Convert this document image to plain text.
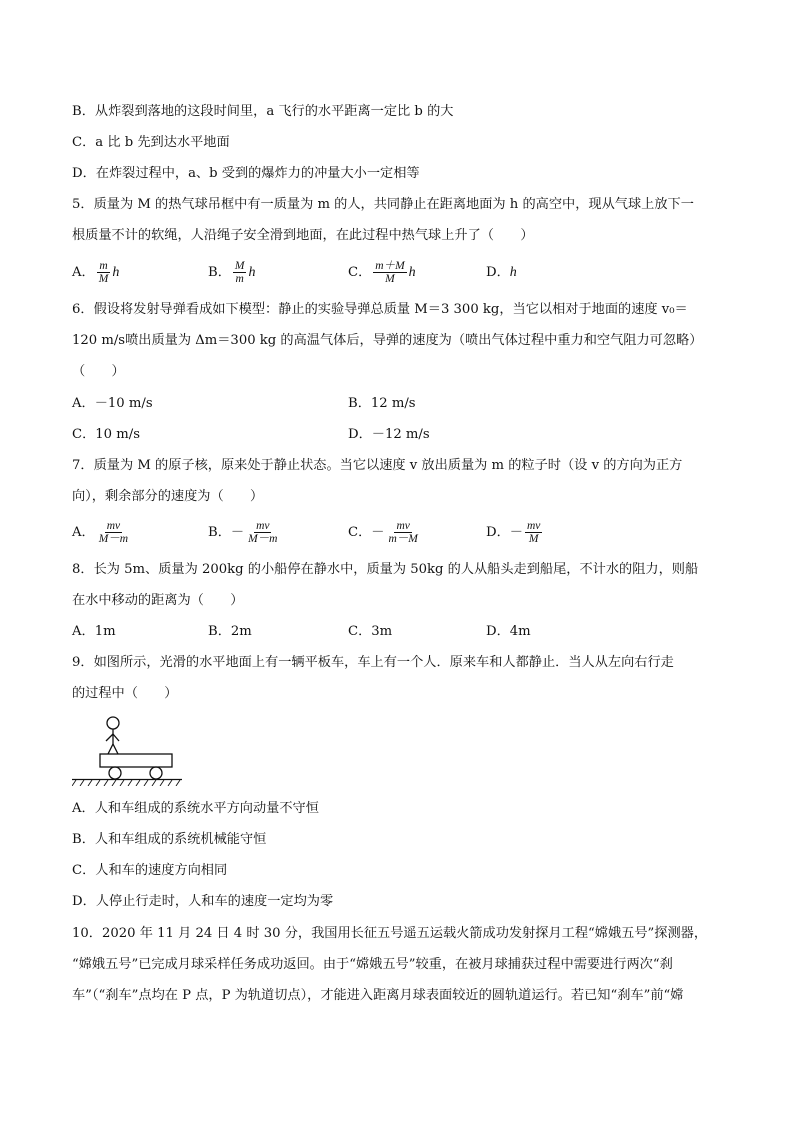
B．从炸裂到落地的这段时间里，a 飞行的水平距离一定比 b 的大
C．a 比 b 先到达水平地面
D．在炸裂过程中，a、b 受到的爆炸力的冲量大小一定相等
5．质量为 M 的热气球吊框中有一质量为 m 的人，共同静止在距离地面为 h 的高空中，现从气球上放下一
根质量不计的软绳，人沿绳子安全滑到地面，在此过程中热气球上升了（　　）
A． $\frac{m}{M}$ h	B． $\frac{M}{m}$ h	C． $\frac{m+M}{M}$ h	D．h
6．假设将发射导弹看成如下模型：静止的实验导弹总质量 M＝3 300 kg，当它以相对于地面的速度 v₀＝
120 m/s喷出质量为 Δm＝300 kg 的高温气体后，导弹的速度为（喷出气体过程中重力和空气阻力可忽略）
（　　）
A．－10 m/s	B．12 m/s
C．10 m/s	D．－12 m/s
7．质量为 M 的原子核，原来处于静止状态。当它以速度 v 放出质量为 m 的粒子时（设 v 的方向为正方
向），剩余部分的速度为（　　）
A． $\frac{mv}{M-m}$	B．－ $\frac{mv}{M-m}$	C．－ $\frac{mv}{m-M}$	D．－ $\frac{mv}{M}$
8．长为 5m、质量为 200kg 的小船停在静水中，质量为 50kg 的人从船头走到船尾，不计水的阻力，则船
在水中移动的距离为（　　）
A．1m	B．2m	C．3m	D．4m
9．如图所示，光滑的水平地面上有一辆平板车，车上有一个人．原来车和人都静止．当人从左向右行走
的过程中（　　）
A．人和车组成的系统水平方向动量不守恒
B．人和车组成的系统机械能守恒
C．人和车的速度方向相同
D．人停止行走时，人和车的速度一定均为零
10．2020 年 11 月 24 日 4 时 30 分，我国用长征五号遥五运载火箭成功发射探月工程“嫦娥五号”探测器，
“嫦娥五号”已完成月球采样任务成功返回。由于“嫦娥五号”较重，在被月球捕获过程中需要进行两次“刹
车”（“刹车”点均在 P 点，P 为轨道切点），才能进入距离月球表面较近的圆轨道运行。若已知“刹车”前“嫦
